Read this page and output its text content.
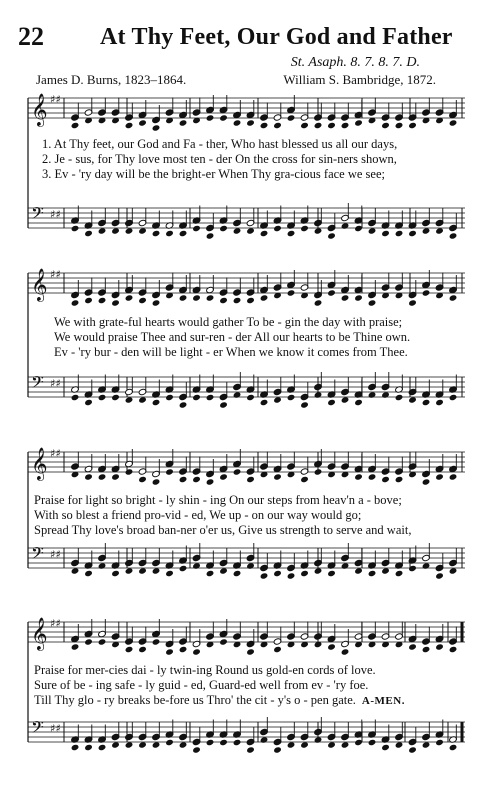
22 At Thy Feet, Our God and Father
St. Asaph. 8. 7. 8. 7. D.
James D. Burns, 1823–1864.	William S. Bambridge, 1872.
𝄞 ♯♯
𝄢 ♯♯
1. At Thy feet, our God and Fa - ther, Who hast blessed us all our days,
2. Je - sus, for Thy love most ten - der On the cross for sin-ners shown,
3. Ev - 'ry day will be the bright-er When Thy gra-cious face we see;
𝄞 ♯♯
𝄢 ♯♯
We with grate-ful hearts would gather To be - gin the day with praise;
We would praise Thee and sur-ren - der All our hearts to be Thine own.
Ev - 'ry bur - den will be light - er When we know it comes from Thee.
𝄞 ♯♯
𝄢 ♯♯
Praise for light so bright - ly shin - ing On our steps from heav'n a - bove;
With so blest a friend pro-vid - ed, We up - on our way would go;
Spread Thy love's broad ban-ner o'er us, Give us strength to serve and wait,
𝄞 ♯♯
𝄢 ♯♯
Praise for mer-cies dai - ly twin-ing Round us gold-en cords of love.
Sure of be - ing safe - ly guid - ed, Guard-ed well from ev - 'ry foe.
Till Thy glo - ry breaks be-fore us Thro' the cit - y's o - pen gate. A-MEN.
